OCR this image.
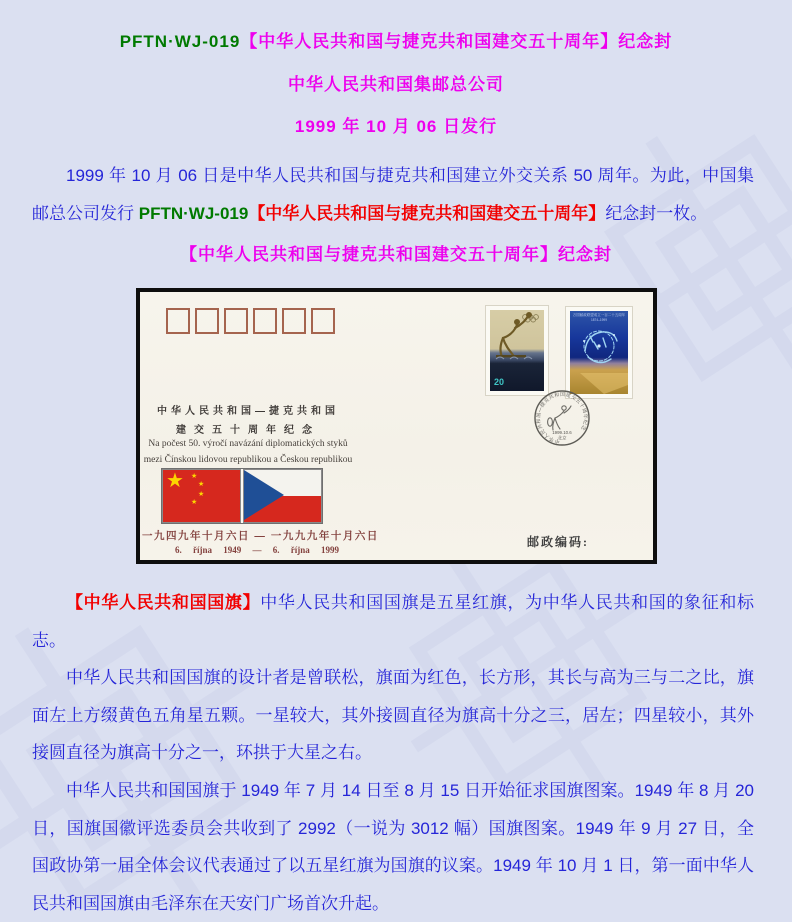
PFTN·WJ-019【中华人民共和国与捷克共和国建交五十周年】纪念封
中华人民共和国集邮总公司
1999 年 10 月 06 日发行

1999 年 10 月 06 日是中华人民共和国与捷克共和国建立外交关系 50 周年。为此，中国集邮总公司发行 PFTN·WJ-019【中华人民共和国与捷克共和国建交五十周年】纪念封一枚。

【中华人民共和国与捷克共和国建交五十周年】纪念封
中华人民共和国—捷克共和国
建交五十周年纪念
Na počest 50. výročí navázání diplomatických styků
mezi Čínskou lidovou republikou a Českou republikou
★ ★
★
★
★
一九四九年十月六日 — 一九九九年十月六日
6. října 1949 — 6. října 1999
20
万国邮政联盟成立一百二十五周年
1874–1999
中华人民共和国—捷克共和国建交五十周年纪念
1999.10.6
北京
邮政编码:

【中华人民共和国国旗】中华人民共和国国旗是五星红旗，为中华人民共和国的象征和标志。

中华人民共和国国旗的设计者是曾联松，旗面为红色，长方形，其长与高为三与二之比，旗面左上方缀黄色五角星五颗。一星较大，其外接圆直径为旗高十分之三，居左；四星较小，其外接圆直径为旗高十分之一，环拱于大星之右。

中华人民共和国国旗于 1949 年 7 月 14 日至 8 月 15 日开始征求国旗图案。1949 年 8 月 20 日，国旗国徽评选委员会共收到了 2992（一说为 3012 幅）国旗图案。1949 年 9 月 27 日，全国政协第一届全体会议代表通过了以五星红旗为国旗的议案。1949 年 10 月 1 日，第一面中华人民共和国国旗由毛泽东在天安门广场首次升起。
